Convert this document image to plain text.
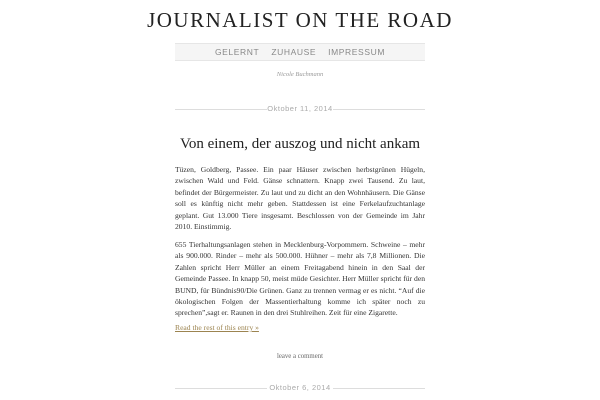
JOURNALIST ON THE ROAD
GELERNT ZUHAUSE IMPRESSUM
Nicole Buchmann
Oktober 11, 2014
Von einem, der auszog und nicht ankam

Tüzen, Goldberg, Passee. Ein paar Häuser zwischen herbstgrünen Hügeln, zwischen Wald und Feld. Gänse schnattern. Knapp zwei Tausend. Zu laut, befindet der Bürgermeister. Zu laut und zu dicht an den Wohnhäusern. Die Gänse soll es künftig nicht mehr geben. Stattdessen ist eine Ferkelaufzuchtanlage geplant. Gut 13.000 Tiere insgesamt. Beschlossen von der Gemeinde im Jahr 2010. Einstimmig.

655 Tierhaltungsanlagen stehen in Mecklenburg-Vorpommern. Schweine – mehr als 900.000. Rinder – mehr als 500.000. Hühner – mehr als 7,8 Millionen. Die Zahlen spricht Herr Müller an einem Freitagabend hinein in den Saal der Gemeinde Passee. In knapp 50, meist müde Gesichter. Herr Müller spricht für den BUND, für Bündnis90/Die Grünen. Ganz zu trennen vermag er es nicht. “Auf die ökologischen Folgen der Massentierhaltung komme ich später noch zu sprechen”,sagt er. Raunen in den drei Stuhlreihen. Zeit für eine Zigarette.

Read the rest of this entry »
leave a comment
Oktober 6, 2014
